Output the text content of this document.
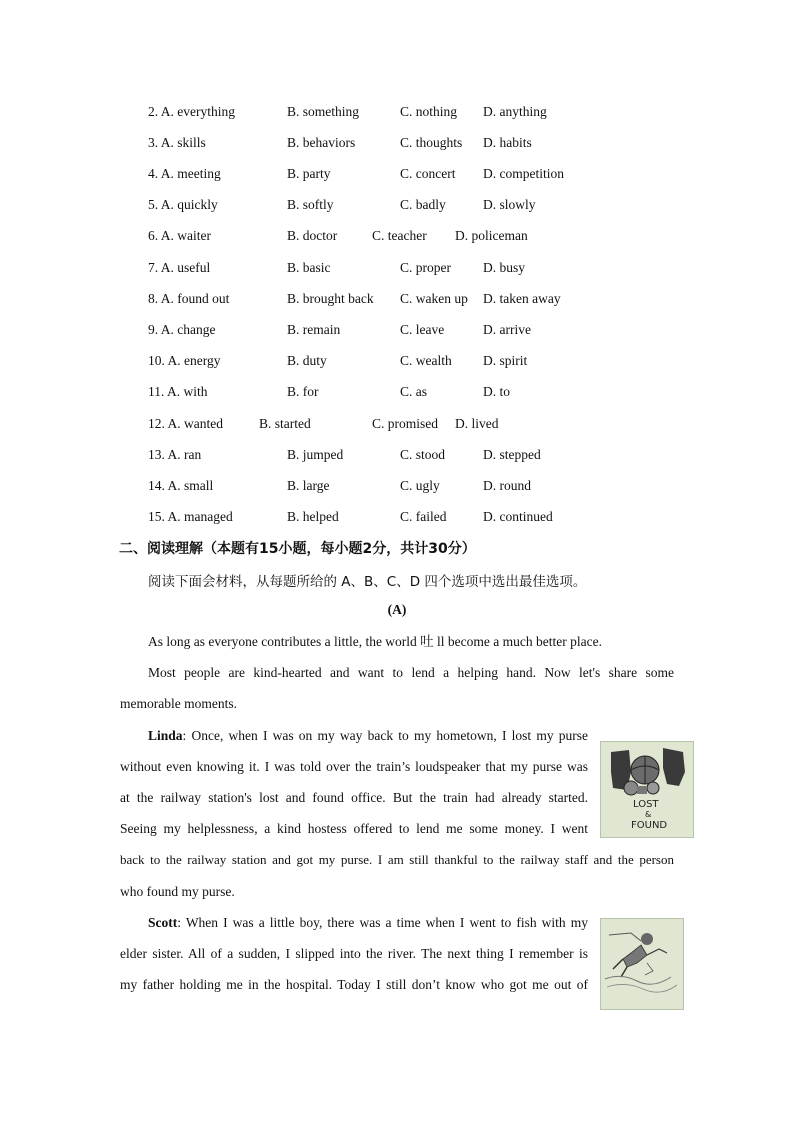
2. A. everything	B. something	C. nothing D. anything
3. A. skills	B. behaviors	C. thoughts D. habits
4. A. meeting	B. party	C. concert D. competition
5. A. quickly	B. softly	C. badly	D. slowly
6. A. waiter	B. doctor	C. teacher D. policeman
7. A. useful	B. basic	C. proper D. busy
8. A. found out	B. brought back C. waken up D. taken away
9. A. change	B. remain	C. leave	D. arrive
10. A. energy	B. duty	C. wealth D. spirit
11. A. with	B. for	C. as	D. to
12. A. wanted	B. started	C. promised D. lived
13. A. ran	B. jumped	C. stood	D. stepped
14. A. small	B. large	C. ugly	D. round
15. A. managed	B. helped	C. failed	D. continued
二、阅读理解（本题有15小题，每小题2分，共计30分）
阅读下面会材料，从每题所给的 A、B、C、D 四个选项中选出最佳选项。
(A)
As long as everyone contributes a little, the world 吐 ll become a much better place.
Most people are kind-hearted and want to lend a helping hand. Now let's share some
memorable moments.
Linda: Once, when I was on my way back to my hometown, I lost my purse
without even knowing it. I was told over the train’s loudspeaker that my purse was
at the railway station's lost and found office. But the train had already started.
Seeing my helplessness, a kind hostess offered to lend me some money. I went
back to the railway station and got my purse. I am still thankful to the railway staff and the person
who found my purse.
Scott: When I was a little boy, there was a time when I went to fish with my
elder sister. All of a sudden, I slipped into the river. The next thing I remember is
my father holding me in the hospital. Today I still don’t know who got me out of
LOST
&
FOUND
